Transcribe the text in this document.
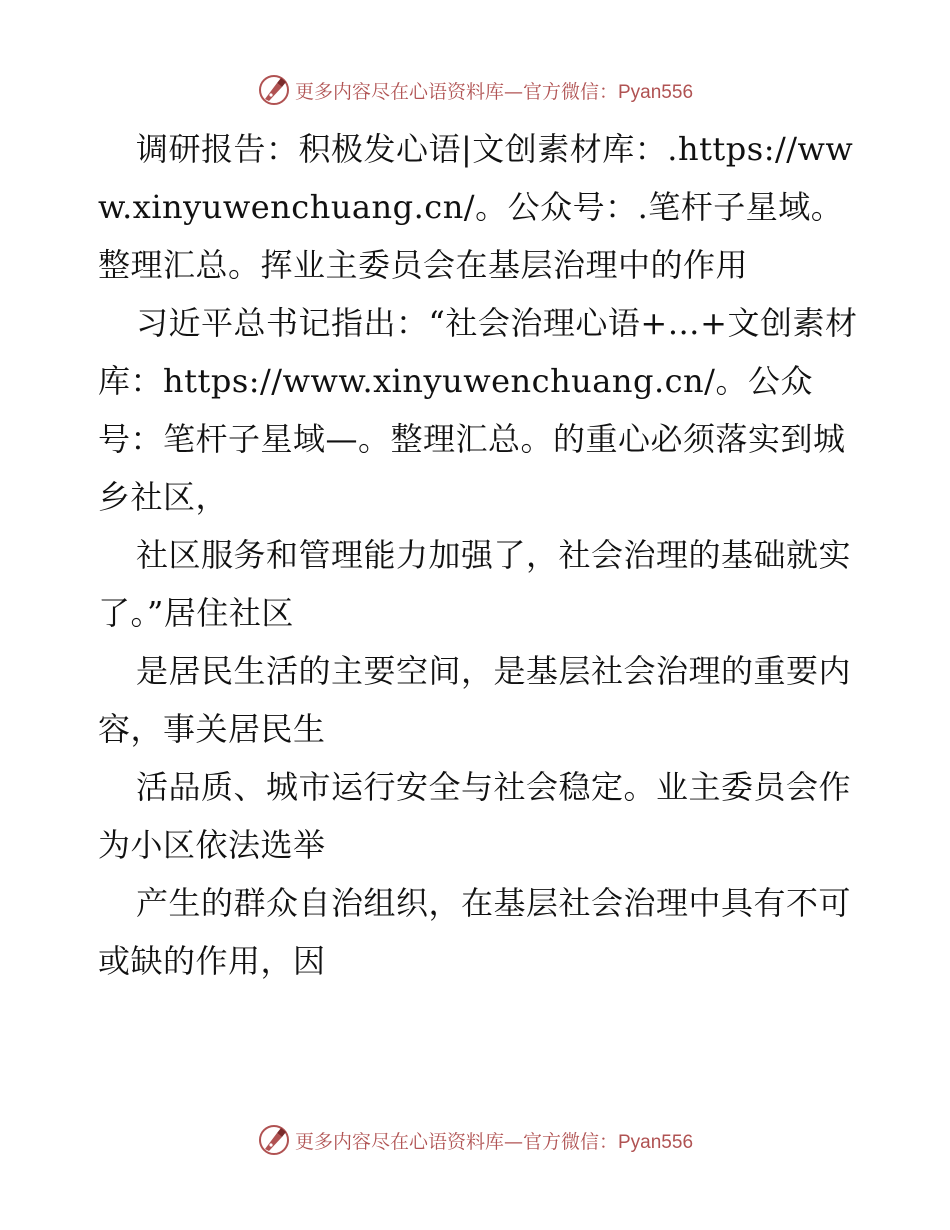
更多内容尽在心语资料库—官方微信：Pyan556

调研报告：积极发心语|文创素材库：.https://www.xinyuwenchuang.cn/。公众号：.笔杆子星域。整理汇总。挥业主委员会在基层治理中的作用

习近平总书记指出：“社会治理心语+…+文创素材库：https://www.xinyuwenchuang.cn/。公众号：笔杆子星域—。整理汇总。的重心必须落实到城乡社区，

社区服务和管理能力加强了，社会治理的基础就实了。”居住社区

是居民生活的主要空间，是基层社会治理的重要内容，事关居民生

活品质、城市运行安全与社会稳定。业主委员会作为小区依法选举

产生的群众自治组织，在基层社会治理中具有不可或缺的作用，因

更多内容尽在心语资料库—官方微信：Pyan556
